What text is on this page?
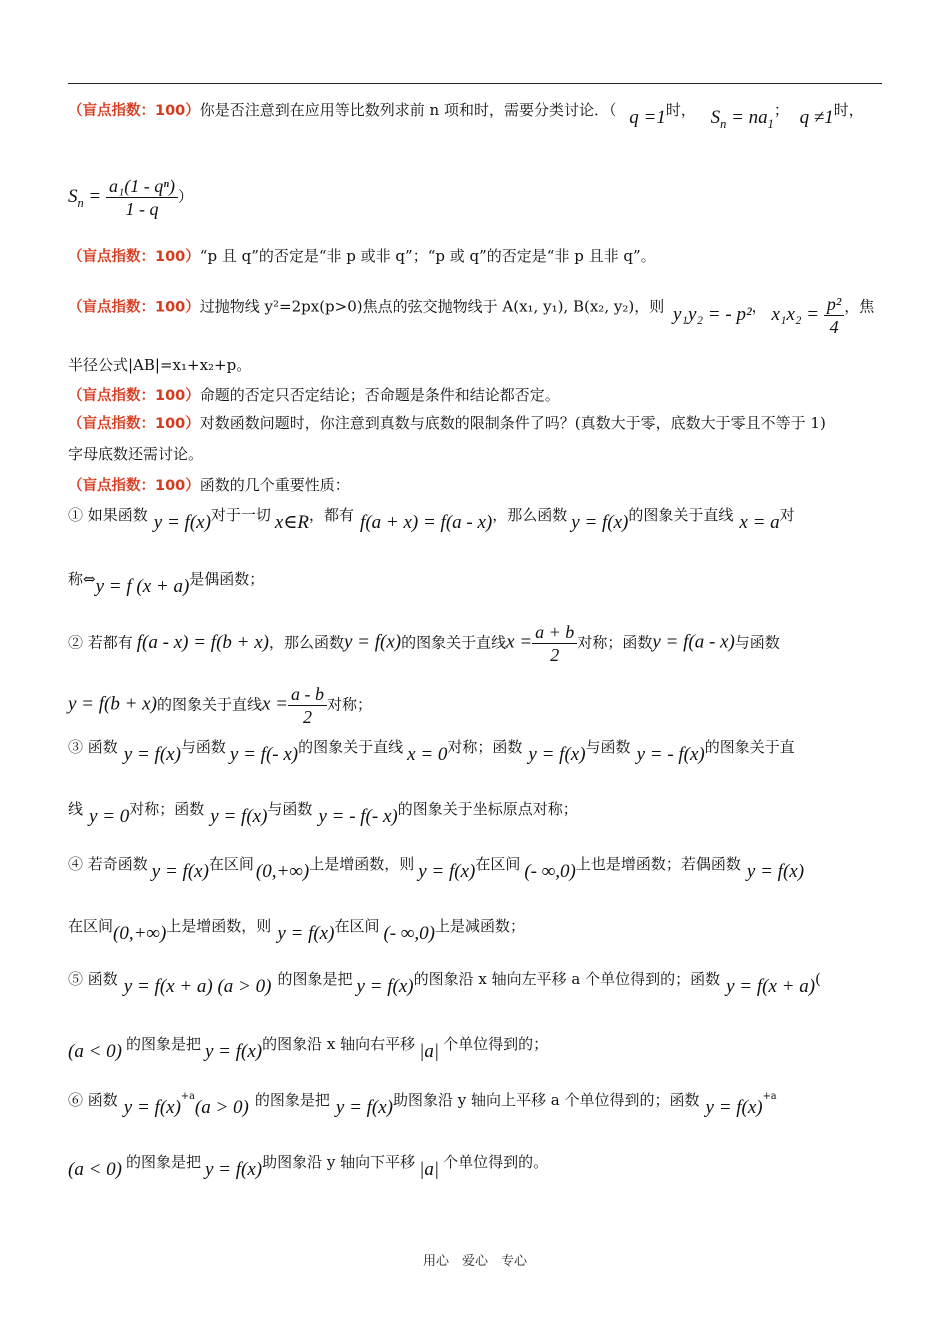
（盲点指数：100）你是否注意到在应用等比数列求前 n 项和时，需要分类讨论．（ q =1时， $S_n = na_1$； q ≠1时，
$S_n = \frac{\text{a₁(1 - qⁿ)}}{1 - q}$ ）
（盲点指数：100）“p 且 q”的否定是“非 p 或非 q”；“p 或 q”的否定是“非 p 且非 q”。
（盲点指数：100）过抛物线 y²=2px(p>0)焦点的弦交抛物线于 A(x₁, y₁), B(x₂, y₂)，则 y₁y₂ = - p²， $x_1x_2 = \frac{\text{p²}}{4}$ ，焦
半径公式|AB|=x₁+x₂+p。
（盲点指数：100）命题的否定只否定结论；否命题是条件和结论都否定。
（盲点指数：100）对数函数问题时，你注意到真数与底数的限制条件了吗？(真数大于零，底数大于零且不等于 1)
字母底数还需讨论。
（盲点指数：100）函数的几个重要性质：
① 如果函数 y = f(x)对于一切 x∈R，都有 f(a + x) = f(a - x)，那么函数 y = f(x)的图象关于直线 x = a对
称⇔y = f (x + a)是偶函数；
② 若都有 f(a - x) = f(b + x)，那么函数y = f(x)的图象关于直线$x = \frac{a + b}{2}$ 对称；函数y = f(a - x)与函数
y = f(b + x)的图象关于直线$x = \frac{a - b}{2}$ 对称；
③ 函数 y = f(x)与函数 y = f(- x)的图象关于直线 x = 0对称；函数 y = f(x)与函数 y = - f(x)的图象关于直
线 y = 0对称；函数 y = f(x)与函数 y = - f(- x)的图象关于坐标原点对称；
④ 若奇函数 y = f(x)在区间 (0,+∞)上是增函数，则 y = f(x)在区间 (- ∞,0)上也是增函数；若偶函数 y = f(x)
在区间(0,+∞)上是增函数，则 y = f(x)在区间 (- ∞,0)上是减函数；
⑤ 函数 y = f(x + a) (a > 0) 的图象是把 y = f(x)的图象沿 x 轴向左平移 a 个单位得到的；函数 y = f(x + a)(
(a < 0) 的图象是把 y = f(x)的图象沿 x 轴向右平移 |a| 个单位得到的；
⑥ 函数 $y = f(x)^{+a}(a > 0)$ 的图象是把 y = f(x)助图象沿 y 轴向上平移 a 个单位得到的；函数 $y = f(x)^{+a}$
(a < 0) 的图象是把 y = f(x)助图象沿 y 轴向下平移 |a| 个单位得到的。
用心　爱心　专心
